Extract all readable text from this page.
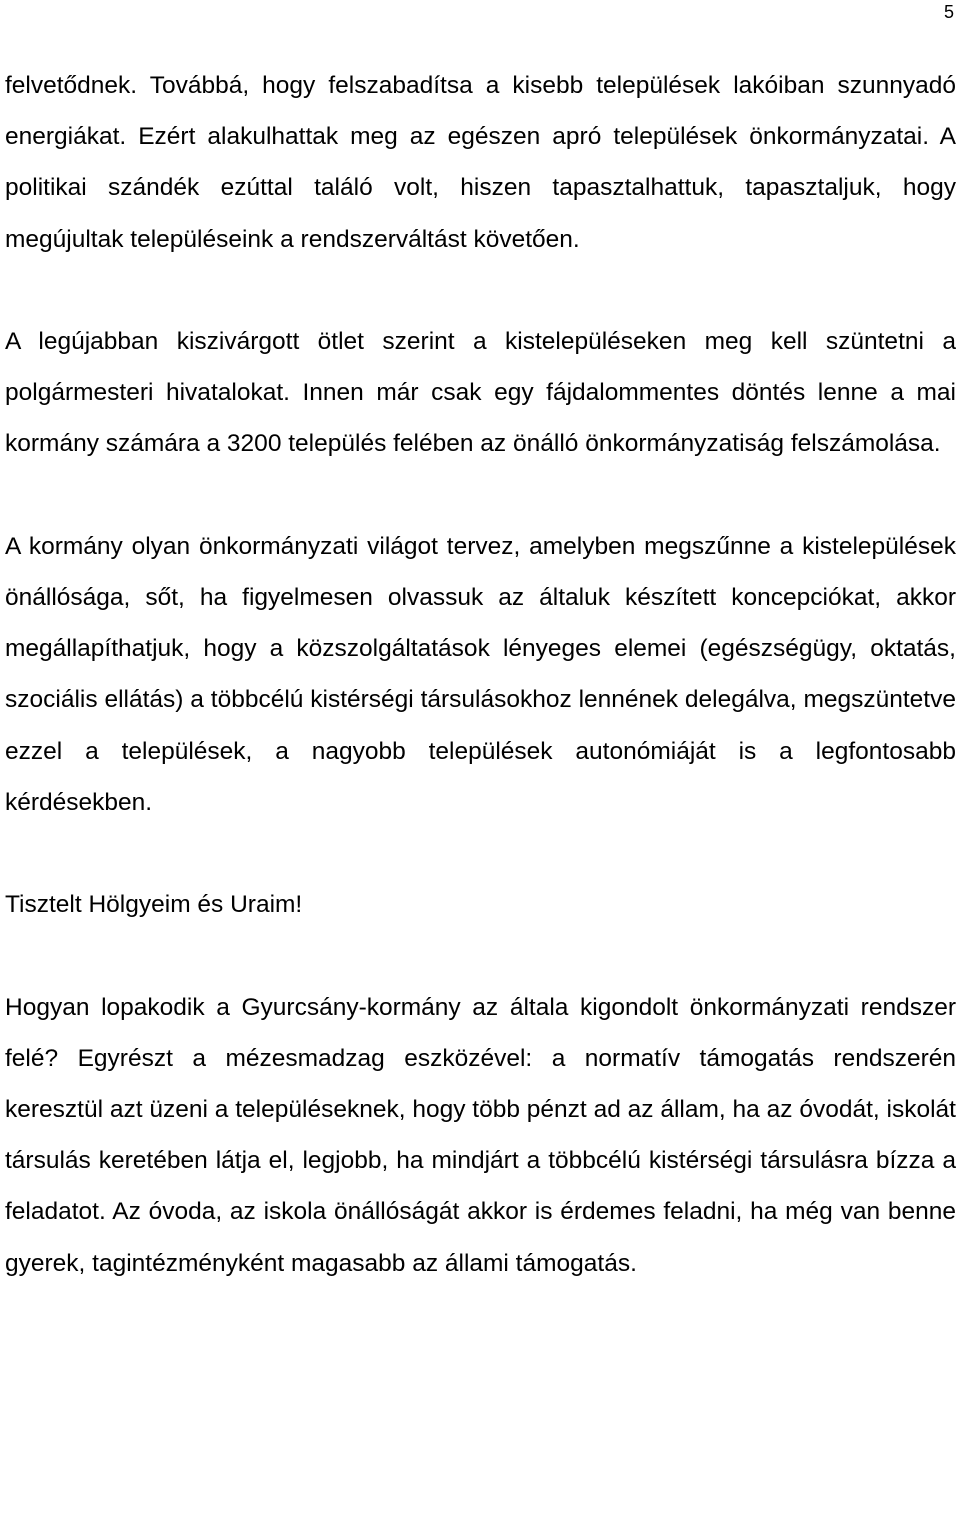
5

felvetődnek. Továbbá, hogy felszabadítsa a kisebb települések lakóiban szunnyadó energiákat. Ezért alakulhattak meg az egészen apró települések önkormányzatai. A politikai szándék ezúttal találó volt, hiszen tapasztalhattuk, tapasztaljuk, hogy megújultak településeink a rendszerváltást követően.

A legújabban kiszivárgott ötlet szerint a kistelepüléseken meg kell szüntetni a polgármesteri hivatalokat. Innen már csak egy fájdalommentes döntés lenne a mai kormány számára a 3200 település felében az önálló önkormányzatiság felszámolása.

A kormány olyan önkormányzati világot tervez, amelyben megszűnne a kistelepülések önállósága, sőt, ha figyelmesen olvassuk az általuk készített koncepciókat, akkor megállapíthatjuk, hogy a közszolgáltatások lényeges elemei (egészségügy, oktatás, szociális ellátás) a többcélú kistérségi társulásokhoz lennének delegálva, megszüntetve ezzel a települések, a nagyobb települések autonómiáját is a legfontosabb kérdésekben.

Tisztelt Hölgyeim és Uraim!

Hogyan lopakodik a Gyurcsány-kormány az általa kigondolt önkormányzati rendszer felé? Egyrészt a mézesmadzag eszközével: a normatív támogatás rendszerén keresztül azt üzeni a településeknek, hogy több pénzt ad az állam, ha az óvodát, iskolát társulás keretében látja el, legjobb, ha mindjárt a többcélú kistérségi társulásra bízza a feladatot. Az óvoda, az iskola önállóságát akkor is érdemes feladni, ha még van benne gyerek, tagintézményként magasabb az állami támogatás.
